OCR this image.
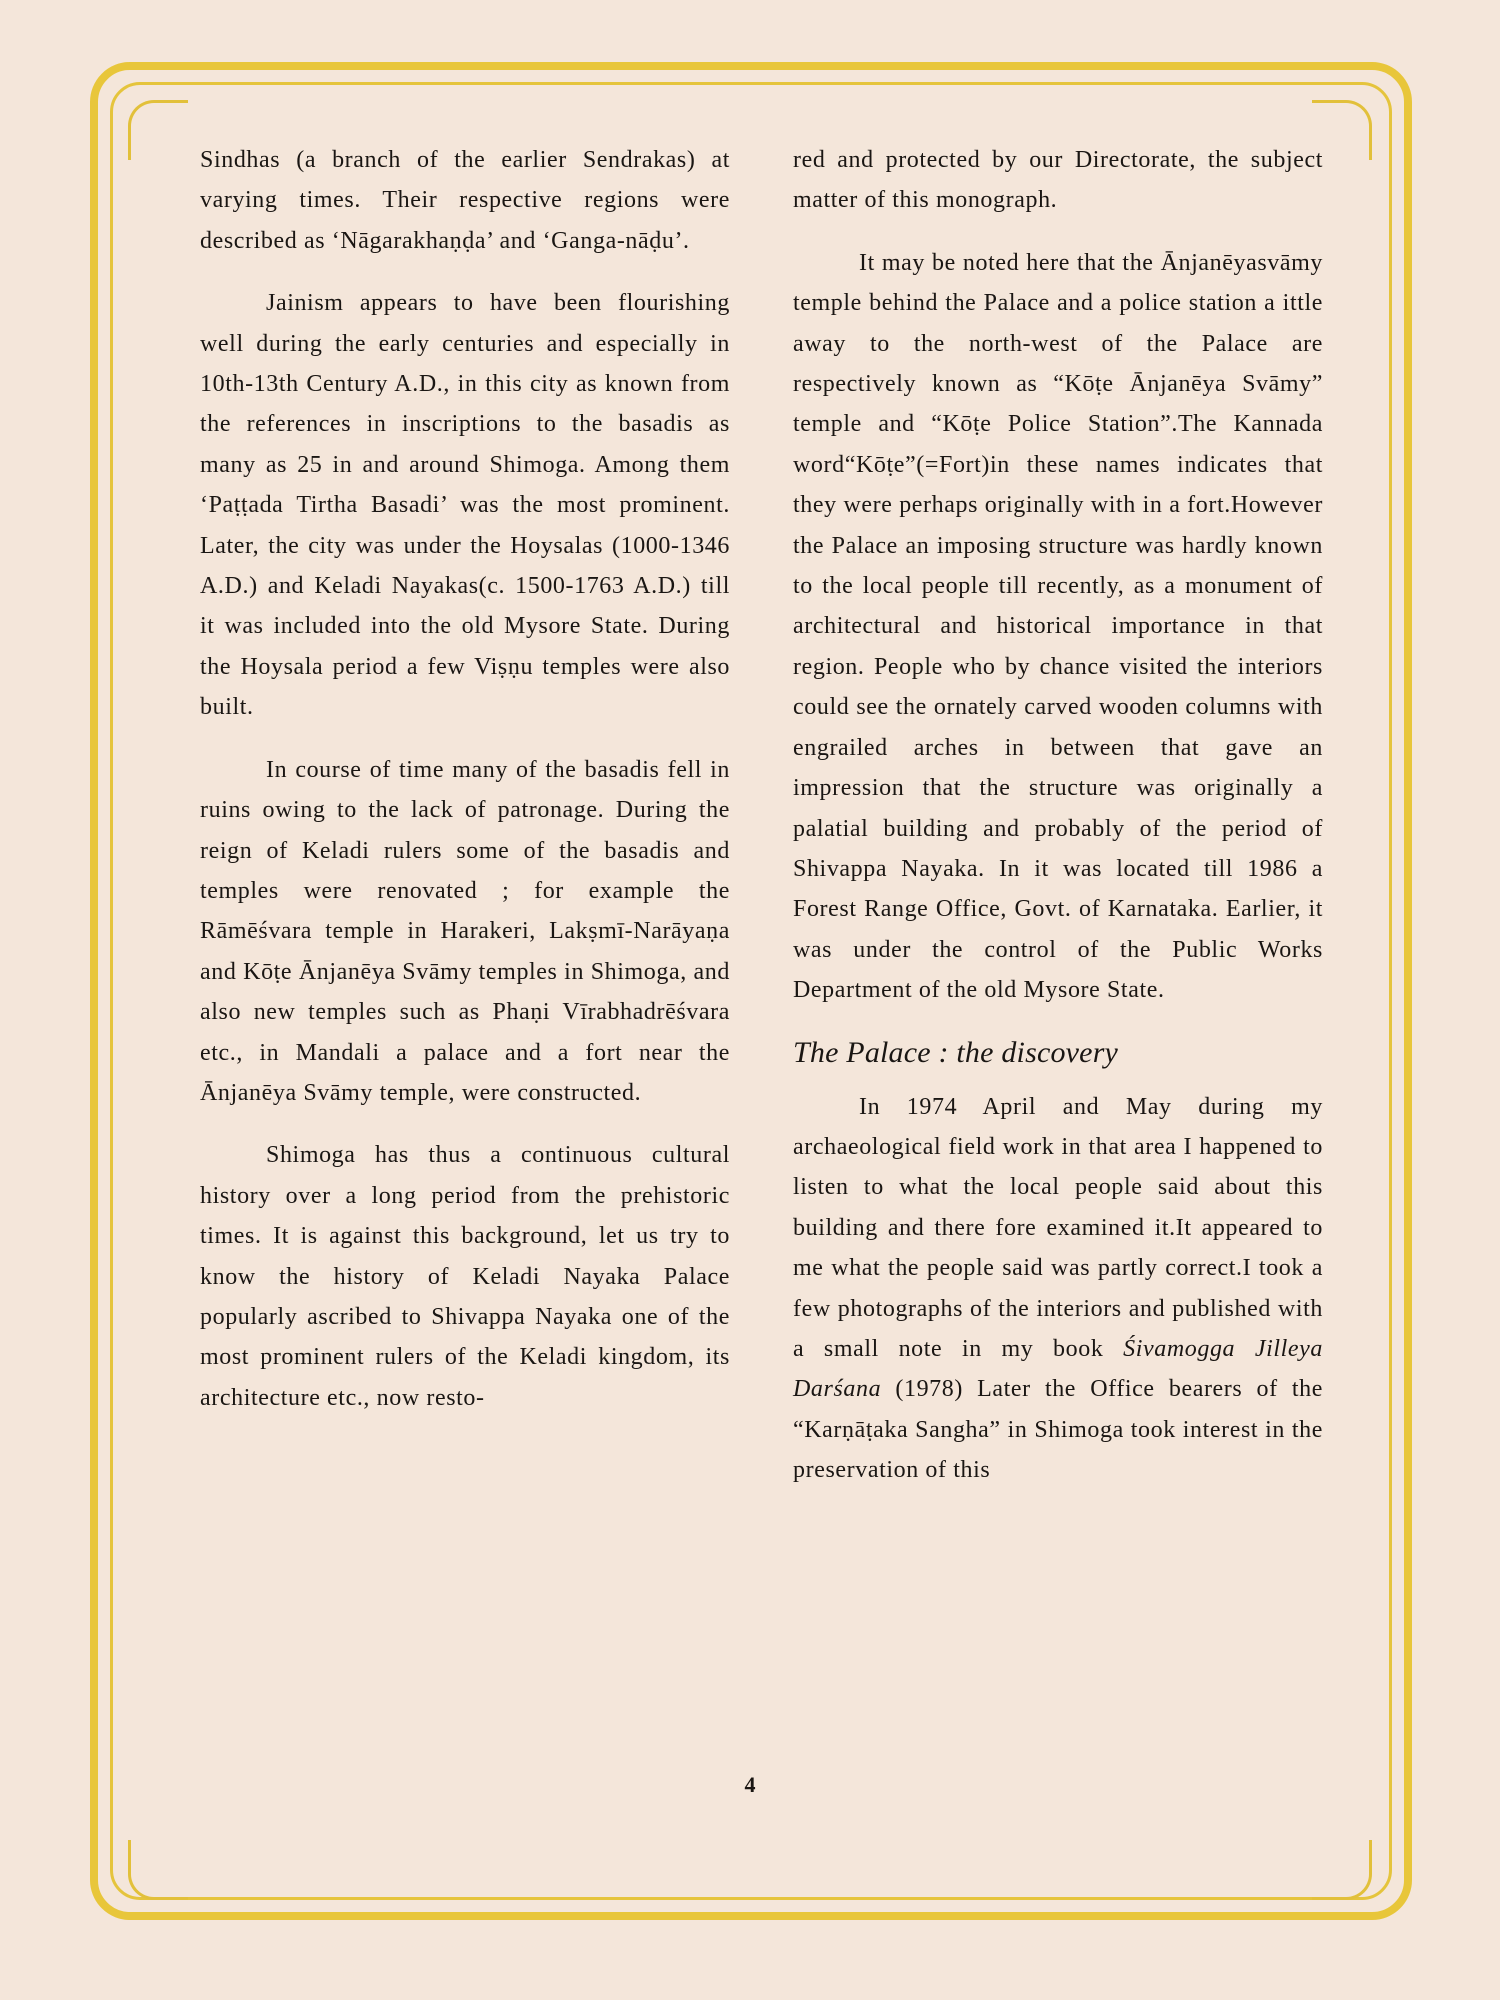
Sindhas (a branch of the earlier Sendrakas) at varying times. Their respective regions were described as ‘Nāgarakhaṇḍa’ and ‘Ganga-nāḍu’.

Jainism appears to have been flourishing well during the early centuries and especially in 10th-13th Century A.D., in this city as known from the references in inscriptions to the basadis as many as 25 in and around Shimoga. Among them ‘Paṭṭada Tirtha Basadi’ was the most prominent. Later, the city was under the Hoysalas (1000-1346 A.D.) and Keladi Nayakas(c. 1500-1763 A.D.) till it was included into the old Mysore State. During the Hoysala period a few Viṣṇu temples were also built.

In course of time many of the basadis fell in ruins owing to the lack of patronage. During the reign of Keladi rulers some of the basadis and temples were renovated ; for example the Rāmēśvara temple in Harakeri, Lakṣmī-Narāyaṇa and Kōṭe Ānjanēya Svāmy temples in Shimoga, and also new temples such as Phaṇi Vīrabhadrēśvara etc., in Mandali a palace and a fort near the Ānjanēya Svāmy temple, were constructed.

Shimoga has thus a continuous cultural history over a long period from the prehistoric times. It is against this background, let us try to know the history of Keladi Nayaka Palace popularly ascribed to Shivappa Nayaka one of the most prominent rulers of the Keladi kingdom, its architecture etc., now resto-

red and protected by our Directorate, the subject matter of this monograph.

It may be noted here that the Ānjanēyasvāmy temple behind the Palace and a police station a ittle away to the north-west of the Palace are respectively known as “Kōṭe Ānjanēya Svāmy” temple and “Kōṭe Police Station”.The Kannada word“Kōṭe”(=Fort)in these names indicates that they were perhaps originally with in a fort.However the Palace an imposing structure was hardly known to the local people till recently, as a monument of architectural and historical importance in that region. People who by chance visited the interiors could see the ornately carved wooden columns with engrailed arches in between that gave an impression that the structure was originally a palatial building and probably of the period of Shivappa Nayaka. In it was located till 1986 a Forest Range Office, Govt. of Karnataka. Earlier, it was under the control of the Public Works Department of the old Mysore State.

The Palace : the discovery

In 1974 April and May during my archaeological field work in that area I happened to listen to what the local people said about this building and there fore examined it.It appeared to me what the people said was partly correct.I took a few photographs of the interiors and published with a small note in my book Śivamogga Jilleya Darśana (1978) Later the Office bearers of the “Karṇāṭaka Sangha” in Shimoga took interest in the preservation of this

4
